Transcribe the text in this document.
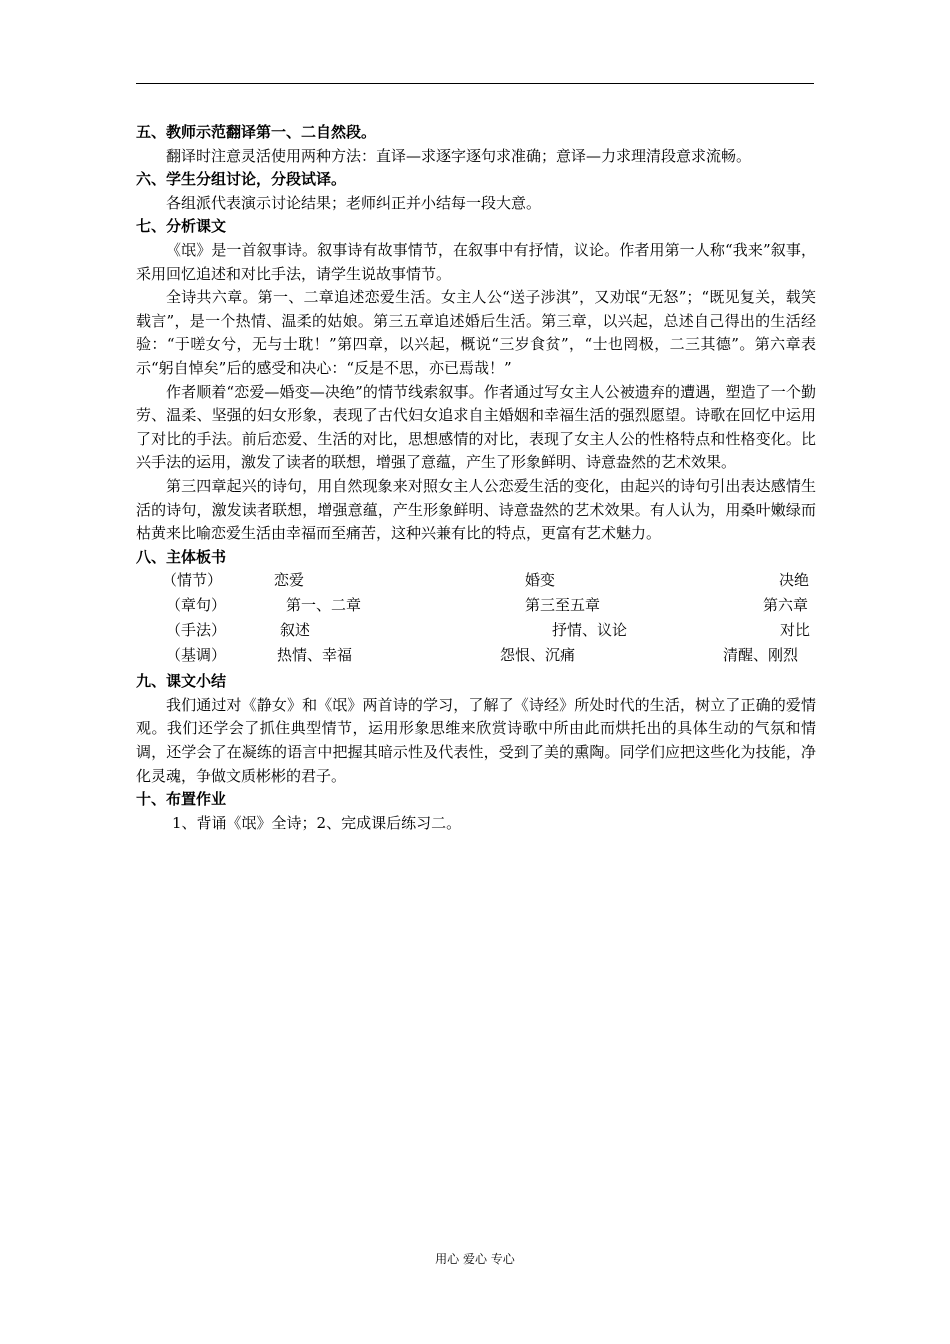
五、教师示范翻译第一、二自然段。

翻译时注意灵活使用两种方法：直译—求逐字逐句求准确；意译—力求理清段意求流畅。

六、学生分组讨论，分段试译。

各组派代表演示讨论结果；老师纠正并小结每一段大意。

七、分析课文

《氓》是一首叙事诗。叙事诗有故事情节，在叙事中有抒情，议论。作者用第一人称“我来”叙事，采用回忆追述和对比手法，请学生说故事情节。

全诗共六章。第一、二章追述恋爱生活。女主人公“送子涉淇”，又劝氓“无怒”；“既见复关，载笑载言”，是一个热情、温柔的姑娘。第三五章追述婚后生活。第三章，以兴起，总述自己得出的生活经验：“于嗟女兮，无与士耽！”第四章，以兴起，概说“三岁食贫”，“士也罔极，二三其德”。第六章表示“躬自悼矣”后的感受和决心：“反是不思，亦已焉哉！”

作者顺着“恋爱—婚变—决绝”的情节线索叙事。作者通过写女主人公被遗弃的遭遇，塑造了一个勤劳、温柔、坚强的妇女形象，表现了古代妇女追求自主婚姻和幸福生活的强烈愿望。诗歌在回忆中运用了对比的手法。前后恋爱、生活的对比，思想感情的对比，表现了女主人公的性格特点和性格变化。比兴手法的运用，激发了读者的联想，增强了意蕴，产生了形象鲜明、诗意盎然的艺术效果。

第三四章起兴的诗句，用自然现象来对照女主人公恋爱生活的变化，由起兴的诗句引出表达感情生活的诗句，激发读者联想，增强意蕴，产生形象鲜明、诗意盎然的艺术效果。有人认为，用桑叶嫩绿而枯黄来比喻恋爱生活由幸福而至痛苦，这种兴兼有比的特点，更富有艺术魅力。

八、主体板书

（情节）	恋爱	婚变	决绝
（章句）	第一、二章	第三至五章	第六章
（手法）	叙述	抒情、议论	对比
（基调）	热情、幸福	怨恨、沉痛	清醒、刚烈

九、课文小结

我们通过对《静女》和《氓》两首诗的学习，了解了《诗经》所处时代的生活，树立了正确的爱情观。我们还学会了抓住典型情节，运用形象思维来欣赏诗歌中所由此而烘托出的具体生动的气氛和情调，还学会了在凝练的语言中把握其暗示性及代表性，受到了美的熏陶。同学们应把这些化为技能，净化灵魂，争做文质彬彬的君子。

十、布置作业

1、背诵《氓》全诗；2、完成课后练习二。

用心 爱心 专心
